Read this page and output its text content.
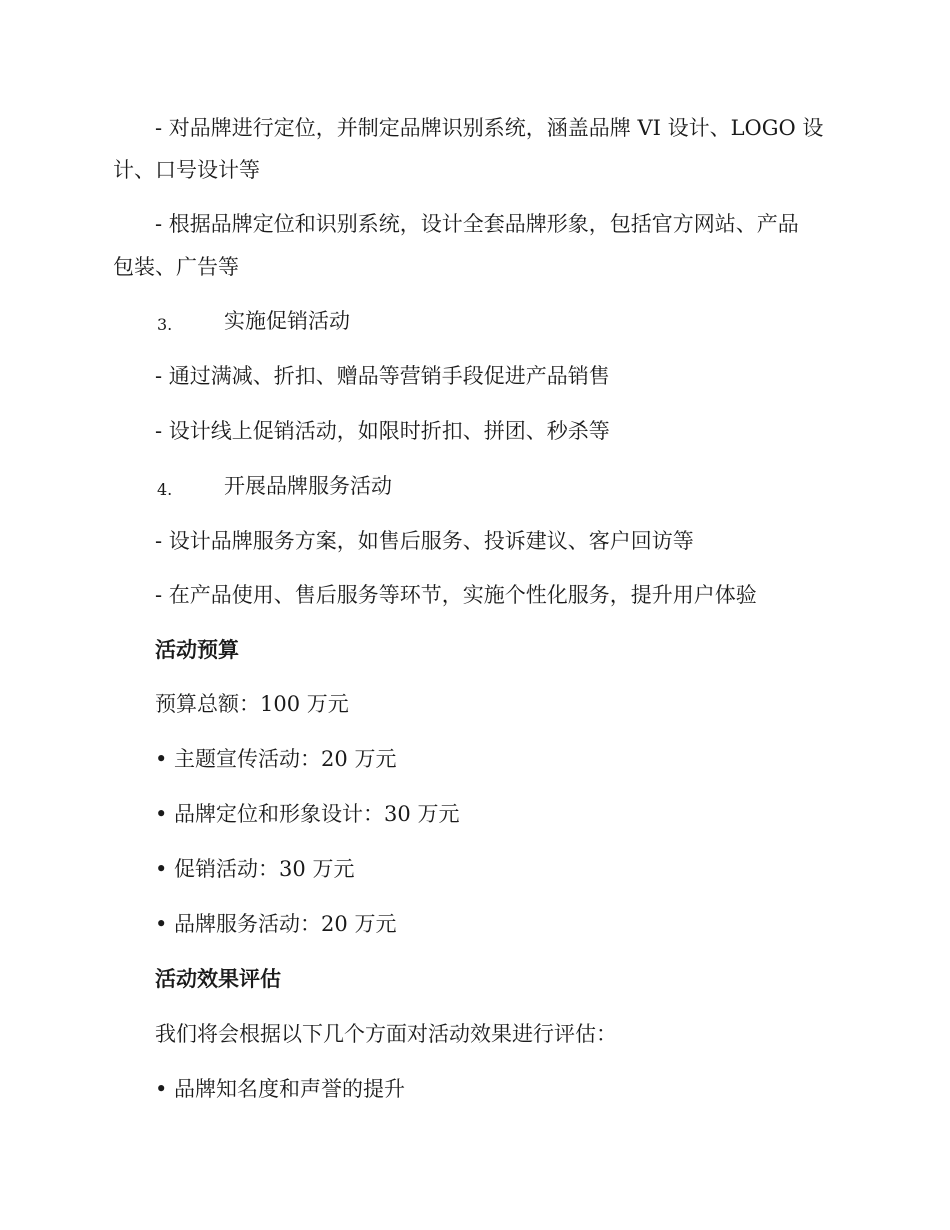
- 对品牌进行定位，并制定品牌识别系统，涵盖品牌 VI 设计、LOGO 设
计、口号设计等
- 根据品牌定位和识别系统，设计全套品牌形象，包括官方网站、产品
包装、广告等
3. 实施促销活动
- 通过满减、折扣、赠品等营销手段促进产品销售
- 设计线上促销活动，如限时折扣、拼团、秒杀等
4. 开展品牌服务活动
- 设计品牌服务方案，如售后服务、投诉建议、客户回访等
- 在产品使用、售后服务等环节，实施个性化服务，提升用户体验
活动预算
预算总额：100 万元
• 主题宣传活动：20 万元
• 品牌定位和形象设计：30 万元
• 促销活动：30 万元
• 品牌服务活动：20 万元
活动效果评估
我们将会根据以下几个方面对活动效果进行评估：
• 品牌知名度和声誉的提升
